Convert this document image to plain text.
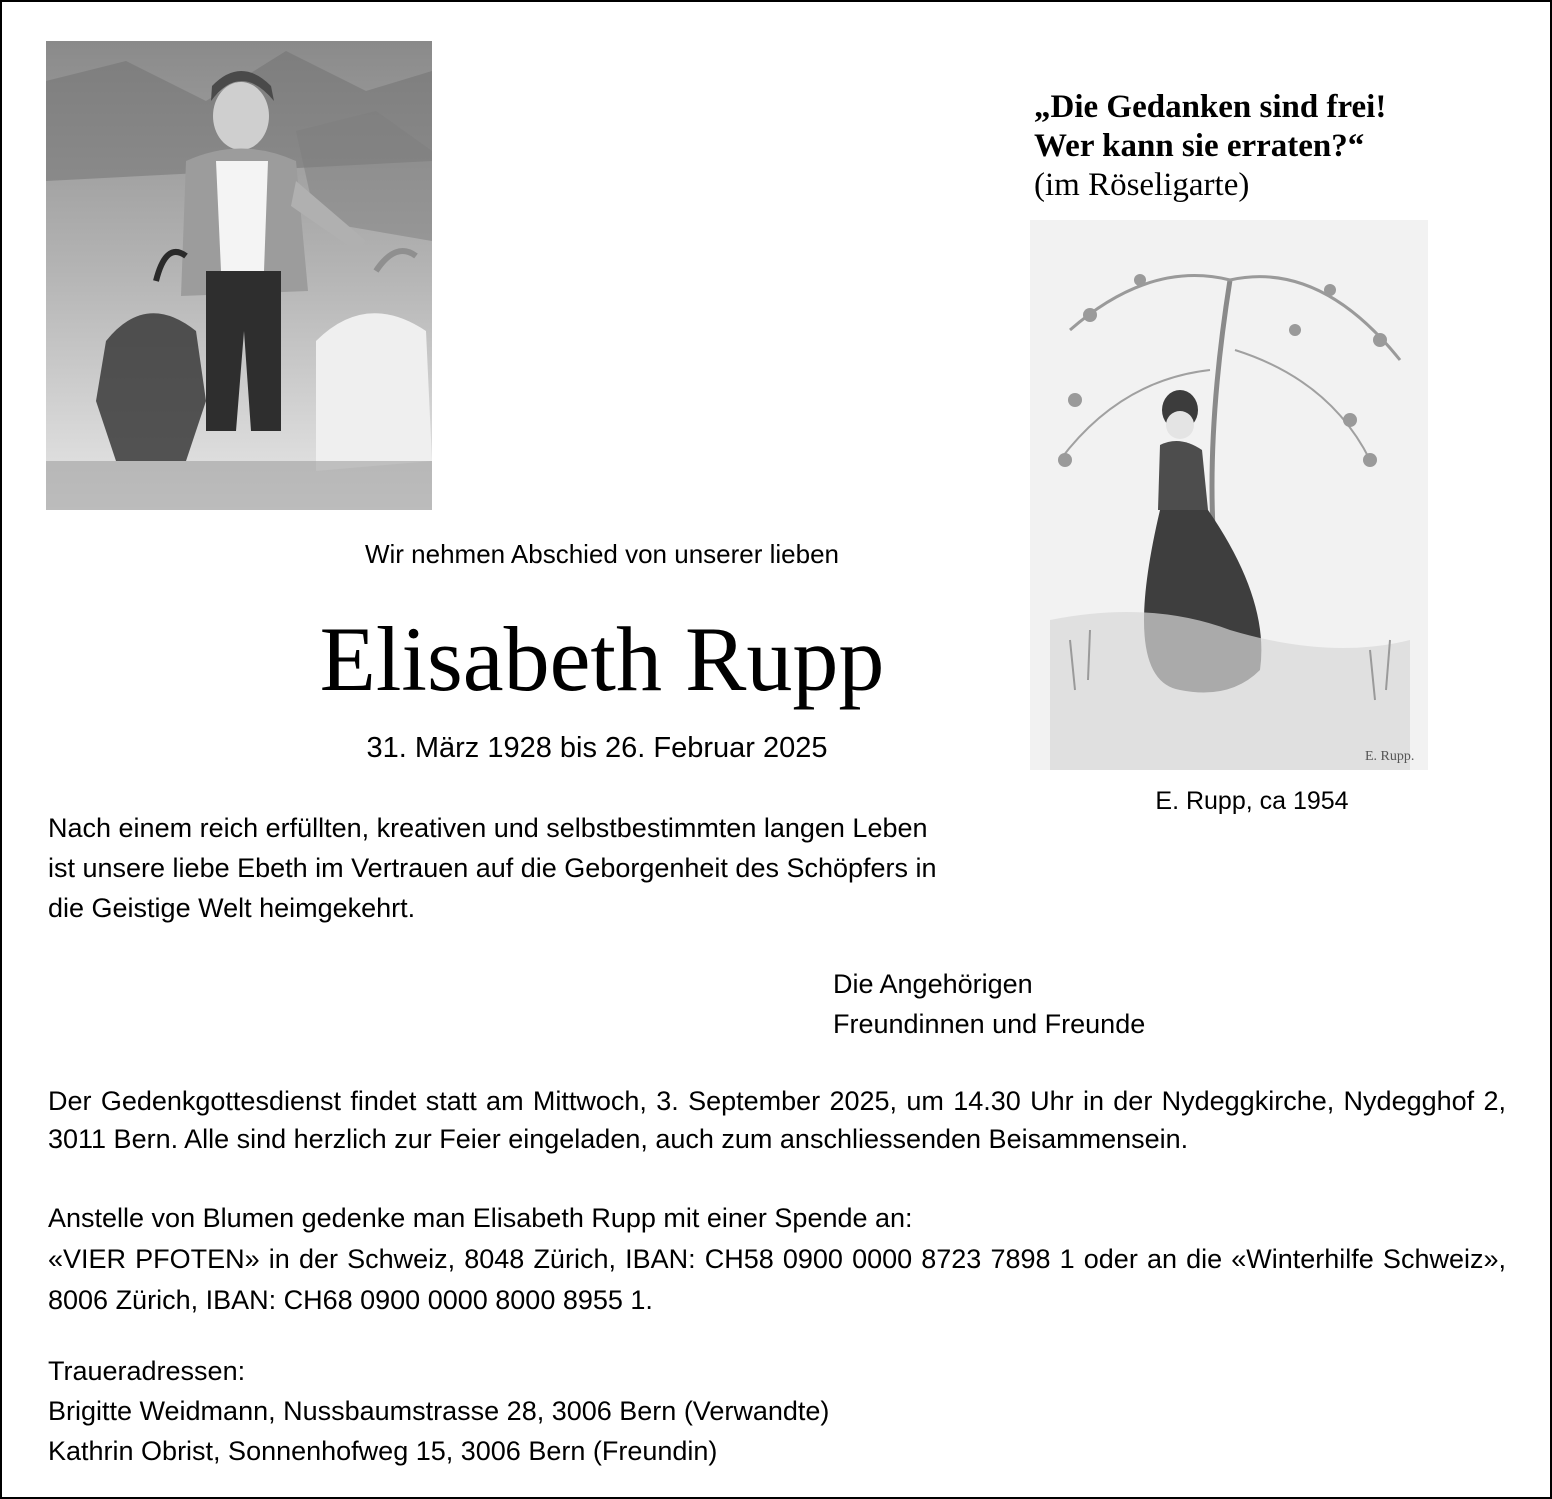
„Die Gedanken sind frei!
Wer kann sie erraten?“
(im Röseligarte)
E. Rupp.
E. Rupp, ca 1954
Wir nehmen Abschied von unserer lieben
Elisabeth Rupp
31. März 1928 bis 26. Februar 2025
Nach einem reich erfüllten, kreativen und selbstbestimmten langen Leben
ist unsere liebe Ebeth im Vertrauen auf die Geborgenheit des Schöpfers in
die Geistige Welt heimgekehrt.
Die Angehörigen
Freundinnen und Freunde
Der Gedenkgottesdienst findet statt am Mittwoch, 3. September 2025, um 14.30 Uhr in der Nydeggkirche, Nydegghof 2, 3011 Bern. Alle sind herzlich zur Feier eingeladen, auch zum anschliessenden Beisammensein.
Anstelle von Blumen gedenke man Elisabeth Rupp mit einer Spende an:
«VIER PFOTEN» in der Schweiz, 8048 Zürich, IBAN: CH58 0900 0000 8723 7898 1 oder an die «Winterhilfe Schweiz», 8006 Zürich, IBAN: CH68 0900 0000 8000 8955 1.
Traueradressen:
Brigitte Weidmann, Nussbaumstrasse 28, 3006 Bern (Verwandte)
Kathrin Obrist, Sonnenhofweg 15, 3006 Bern (Freundin)
